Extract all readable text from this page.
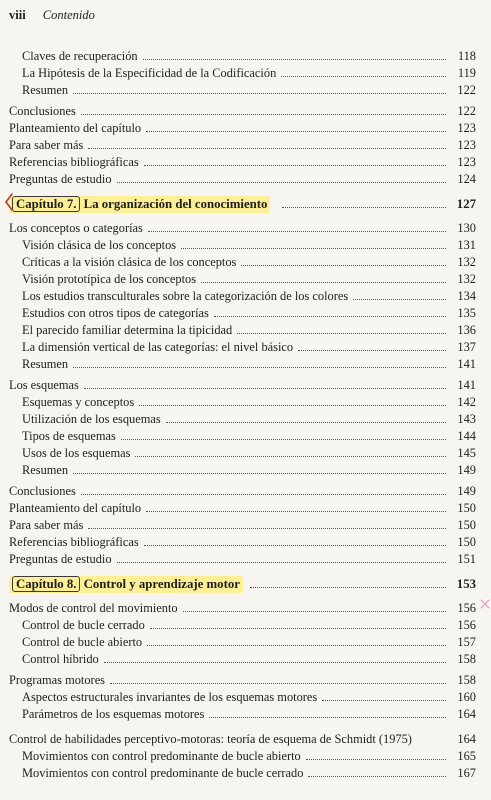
viii Contenido
Claves de recuperación	118
La Hipótesis de la Especificidad de la Codificación	119
Resumen	122
Conclusiones	122
Planteamiento del capítulo	123
Para saber más	123
Referencias bibliográficas	123
Preguntas de estudio	124
Capítulo 7. La organización del conocimiento	127
Los conceptos o categorías	130
Visión clásica de los conceptos	131
Críticas a la visión clásica de los conceptos	132
Visión prototípica de los conceptos	132
Los estudios transculturales sobre la categorización de los colores	134
Estudios con otros tipos de categorías	135
El parecido familiar determina la tipicidad	136
La dimensión vertical de las categorías: el nivel básico	137
Resumen	141
Los esquemas	141
Esquemas y conceptos	142
Utilización de los esquemas	143
Tipos de esquemas	144
Usos de los esquemas	145
Resumen	149
Conclusiones	149
Planteamiento del capítulo	150
Para saber más	150
Referencias bibliográficas	150
Preguntas de estudio	151
Capítulo 8. Control y aprendizaje motor	153
Modos de control del movimiento	156
Control de bucle cerrado	156
Control de bucle abierto	157
Control híbrido	158
Programas motores	158
Aspectos estructurales invariantes de los esquemas motores	160
Parámetros de los esquemas motores	164
Control de habilidades perceptivo-motoras: teoría de esquema de Schmidt (1975)	164
Movimientos con control predominante de bucle abierto	165
Movimientos con control predominante de bucle cerrado	167
